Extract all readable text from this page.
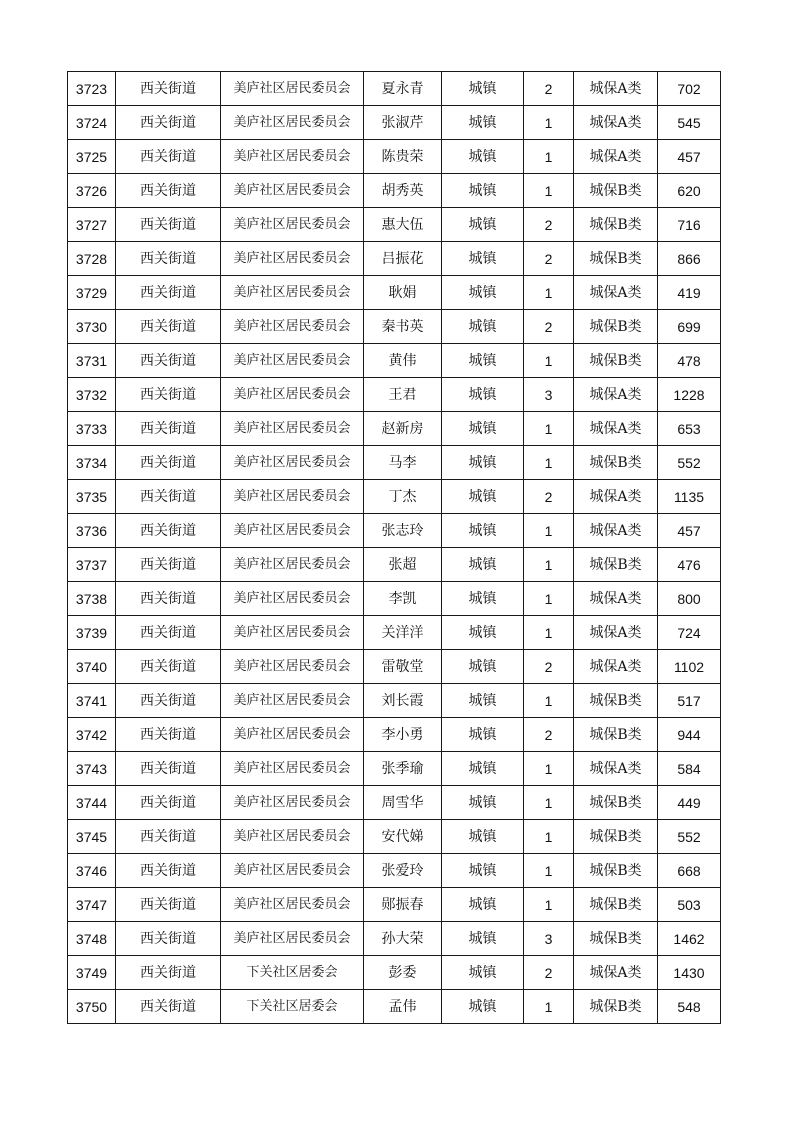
3723	西关街道	美庐社区居民委员会	夏永青	城镇	2	城保A类	702
3724	西关街道	美庐社区居民委员会	张淑芹	城镇	1	城保A类	545
3725	西关街道	美庐社区居民委员会	陈贵荣	城镇	1	城保A类	457
3726	西关街道	美庐社区居民委员会	胡秀英	城镇	1	城保B类	620
3727	西关街道	美庐社区居民委员会	惠大伍	城镇	2	城保B类	716
3728	西关街道	美庐社区居民委员会	吕振花	城镇	2	城保B类	866
3729	西关街道	美庐社区居民委员会	耿娟	城镇	1	城保A类	419
3730	西关街道	美庐社区居民委员会	秦书英	城镇	2	城保B类	699
3731	西关街道	美庐社区居民委员会	黄伟	城镇	1	城保B类	478
3732	西关街道	美庐社区居民委员会	王君	城镇	3	城保A类	1228
3733	西关街道	美庐社区居民委员会	赵新房	城镇	1	城保A类	653
3734	西关街道	美庐社区居民委员会	马李	城镇	1	城保B类	552
3735	西关街道	美庐社区居民委员会	丁杰	城镇	2	城保A类	1135
3736	西关街道	美庐社区居民委员会	张志玲	城镇	1	城保A类	457
3737	西关街道	美庐社区居民委员会	张超	城镇	1	城保B类	476
3738	西关街道	美庐社区居民委员会	李凯	城镇	1	城保A类	800
3739	西关街道	美庐社区居民委员会	关洋洋	城镇	1	城保A类	724
3740	西关街道	美庐社区居民委员会	雷敬堂	城镇	2	城保A类	1102
3741	西关街道	美庐社区居民委员会	刘长霞	城镇	1	城保B类	517
3742	西关街道	美庐社区居民委员会	李小勇	城镇	2	城保B类	944
3743	西关街道	美庐社区居民委员会	张季瑜	城镇	1	城保A类	584
3744	西关街道	美庐社区居民委员会	周雪华	城镇	1	城保B类	449
3745	西关街道	美庐社区居民委员会	安代娣	城镇	1	城保B类	552
3746	西关街道	美庐社区居民委员会	张爱玲	城镇	1	城保B类	668
3747	西关街道	美庐社区居民委员会	郧振春	城镇	1	城保B类	503
3748	西关街道	美庐社区居民委员会	孙大荣	城镇	3	城保B类	1462
3749	西关街道	下关社区居委会	彭委	城镇	2	城保A类	1430
3750	西关街道	下关社区居委会	孟伟	城镇	1	城保B类	548
